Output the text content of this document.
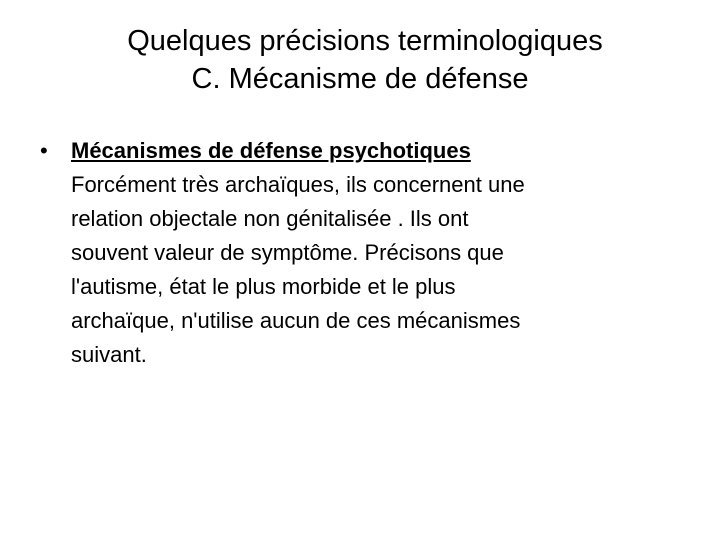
Quelques précisions terminologiques
C. Mécanisme de défense
•	Mécanismes de défense psychotiques
Forcément très archaïques, ils concernent une
relation objectale non génitalisée . Ils ont
souvent valeur de symptôme. Précisons que
l'autisme, état le plus morbide et le plus
archaïque, n'utilise aucun de ces mécanismes
suivant.
